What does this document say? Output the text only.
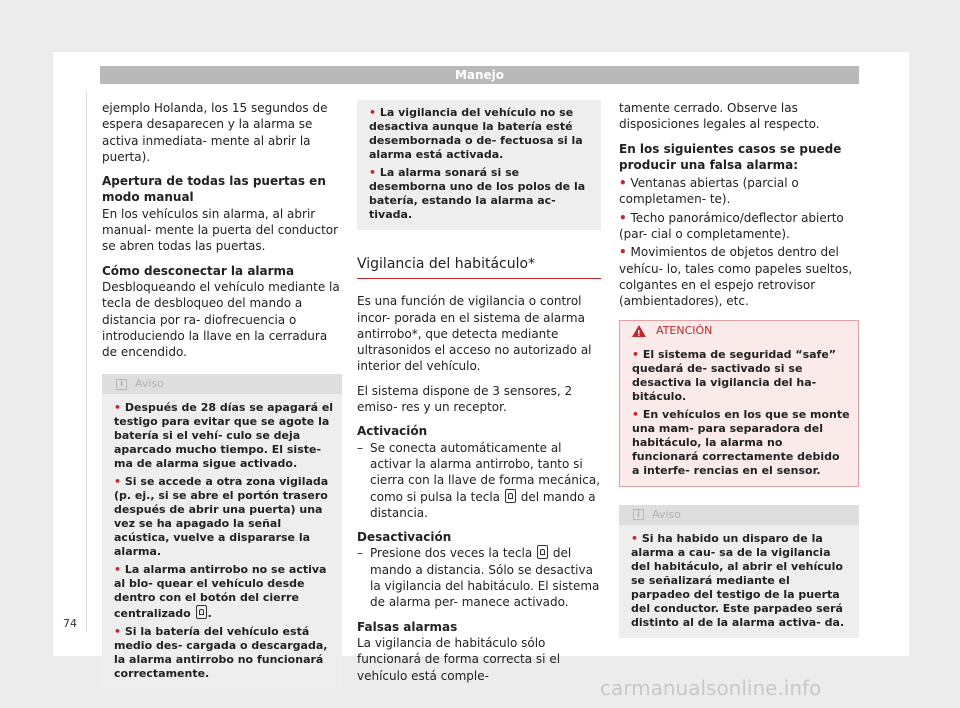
Manejo

ejemplo Holanda, los 15 segundos de espera desaparecen y la alarma se activa inmediata- mente al abrir la puerta).

Apertura de todas las puertas en modo manual

En los vehículos sin alarma, al abrir manual- mente la puerta del conductor se abren todas las puertas.

Cómo desconectar la alarma

Desbloqueando el vehículo mediante la tecla de desbloqueo del mando a distancia por ra- diofrecuencia o introduciendo la llave en la cerradura de encendido.

i	Aviso
• Después de 28 días se apagará el testigo para evitar que se agote la batería si el vehí- culo se deja aparcado mucho tiempo. El siste- ma de alarma sigue activado.
• Si se accede a otra zona vigilada (p. ej., si se abre el portón trasero después de abrir una puerta) una vez se ha apagado la señal acústica, vuelve a dispararse la alarma.
• La alarma antirrobo no se activa al blo- quear el vehículo desde dentro con el botón del cierre centralizado .
• Si la batería del vehículo está medio des- cargada o descargada, la alarma antirrobo no funcionará correctamente.
• La vigilancia del vehículo no se desactiva aunque la batería esté desembornada o de- fectuosa si la alarma está activada.
• La alarma sonará si se desemborna uno de los polos de la batería, estando la alarma ac- tivada.
Vigilancia del habitáculo*

Es una función de vigilancia o control incor- porada en el sistema de alarma antirrobo*, que detecta mediante ultrasonidos el acceso no autorizado al interior del vehículo.

El sistema dispone de 3 sensores, 2 emiso- res y un receptor.

Activación

– Se conecta automáticamente al activar la alarma antirrobo, tanto si cierra con la llave de forma mecánica, como si pulsa la tecla del mando a distancia.

Desactivación

– Presione dos veces la tecla del mando a distancia. Sólo se desactiva la vigilancia del habitáculo. El sistema de alarma per- manece activado.

Falsas alarmas

La vigilancia de habitáculo sólo funcionará de forma correcta si el vehículo está comple-

tamente cerrado. Observe las disposiciones legales al respecto.

En los siguientes casos se puede producir una falsa alarma:

• Ventanas abiertas (parcial o completamen- te).
• Techo panorámico/deflector abierto (par- cial o completamente).
• Movimientos de objetos dentro del vehícu- lo, tales como papeles sueltos, colgantes en el espejo retrovisor (ambientadores), etc.
! ATENCIÓN
• El sistema de seguridad “safe” quedará de- sactivado si se desactiva la vigilancia del ha- bitáculo.
• En vehículos en los que se monte una mam- para separadora del habitáculo, la alarma no funcionará correctamente debido a interfe- rencias en el sensor.
i	Aviso
• Si ha habido un disparo de la alarma a cau- sa de la vigilancia del habitáculo, al abrir el vehículo se señalizará mediante el parpadeo del testigo de la puerta del conductor. Este parpadeo será distinto al de la alarma activa- da.
74
carmanualsonline.info
